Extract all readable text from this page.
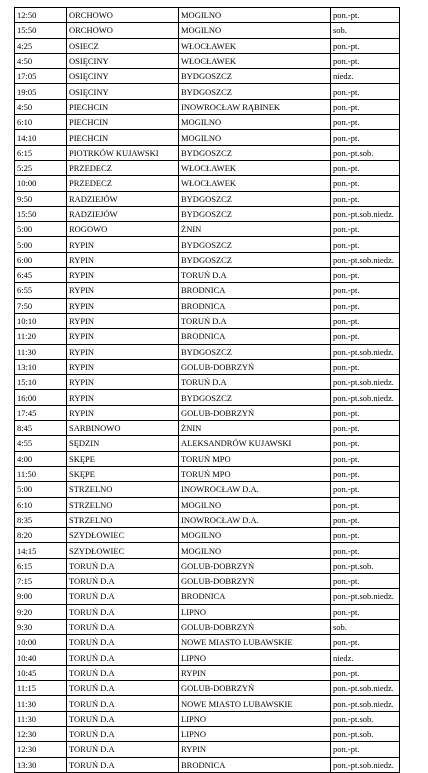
12:50	ORCHOWO	MOGILNO	pon.-pt.
15:50	ORCHOWO	MOGILNO	sob.
4:25	OSIECZ	WŁOCŁAWEK	pon.-pt.
4:50	OSIĘCINY	WŁOCŁAWEK	pon.-pt.
17:05	OSIĘCINY	BYDGOSZCZ	niedz.
19:05	OSIĘCINY	BYDGOSZCZ	pon.-pt.
4:50	PIECHCIN	INOWROCŁAW RĄBINEK	pon.-pt.
6:10	PIECHCIN	MOGILNO	pon.-pt.
14:10	PIECHCIN	MOGILNO	pon.-pt.
6:15	PIOTRKÓW KUJAWSKI	BYDGOSZCZ	pon.-pt.sob.
5:25	PRZEDECZ	WŁOCŁAWEK	pon.-pt.
10:00	PRZEDECZ	WŁOCŁAWEK	pon.-pt.
9:50	RADZIEJÓW	BYDGOSZCZ	pon.-pt.
15:50	RADZIEJÓW	BYDGOSZCZ	pon.-pt.sob.niedz.
5:00	ROGOWO	ŻNIN	pon.-pt.
5:00	RYPIN	BYDGOSZCZ	pon.-pt.
6:00	RYPIN	BYDGOSZCZ	pon.-pt.sob.niedz.
6:45	RYPIN	TORUŃ D.A	pon.-pt.
6:55	RYPIN	BRODNICA	pon.-pt.
7:50	RYPIN	BRODNICA	pon.-pt.
10:10	RYPIN	TORUŃ D.A	pon.-pt.
11:20	RYPIN	BRODNICA	pon.-pt.
11:30	RYPIN	BYDGOSZCZ	pon.-pt.sob.niedz.
13:10	RYPIN	GOLUB-DOBRZYŃ	pon.-pt.
15:10	RYPIN	TORUŃ D.A	pon.-pt.sob.niedz.
16:00	RYPIN	BYDGOSZCZ	pon.-pt.sob.niedz.
17:45	RYPIN	GOLUB-DOBRZYŃ	pon.-pt.
8:45	SARBINOWO	ŻNIN	pon.-pt.
4:55	SĘDZIN	ALEKSANDRÓW KUJAWSKI	pon.-pt.
4:00	SKĘPE	TORUŃ MPO	pon.-pt.
11:50	SKĘPE	TORUŃ MPO	pon.-pt.
5:00	STRZELNO	INOWROCŁAW D.A.	pon.-pt.
6:10	STRZELNO	MOGILNO	pon.-pt.
8:35	STRZELNO	INOWROCŁAW D.A.	pon.-pt.
8:20	SZYDŁOWIEC	MOGILNO	pon.-pt.
14:15	SZYDŁOWIEC	MOGILNO	pon.-pt.
6:15	TORUŃ D.A	GOLUB-DOBRZYŃ	pon.-pt.sob.
7:15	TORUŃ D.A	GOLUB-DOBRZYŃ	pon.-pt.
9:00	TORUŃ D.A	BRODNICA	pon.-pt.sob.niedz.
9:20	TORUŃ D.A	LIPNO	pon.-pt.
9:30	TORUŃ D.A	GOLUB-DOBRZYŃ	sob.
10:00	TORUŃ D.A	NOWE MIASTO LUBAWSKIE	pon.-pt.
10:40	TORUŃ D.A	LIPNO	niedz.
10:45	TORUŃ D.A	RYPIN	pon.-pt.
11:15	TORUŃ D.A	GOLUB-DOBRZYŃ	pon.-pt.sob.niedz.
11:30	TORUŃ D.A	NOWE MIASTO LUBAWSKIE	pon.-pt.sob.niedz.
11:30	TORUŃ D.A	LIPNO	pon.-pt.sob.
12:30	TORUŃ D.A	LIPNO	pon.-pt.sob.
12:30	TORUŃ D.A	RYPIN	pon.-pt.
13:30	TORUŃ D.A	BRODNICA	pon.-pt.sob.niedz.
